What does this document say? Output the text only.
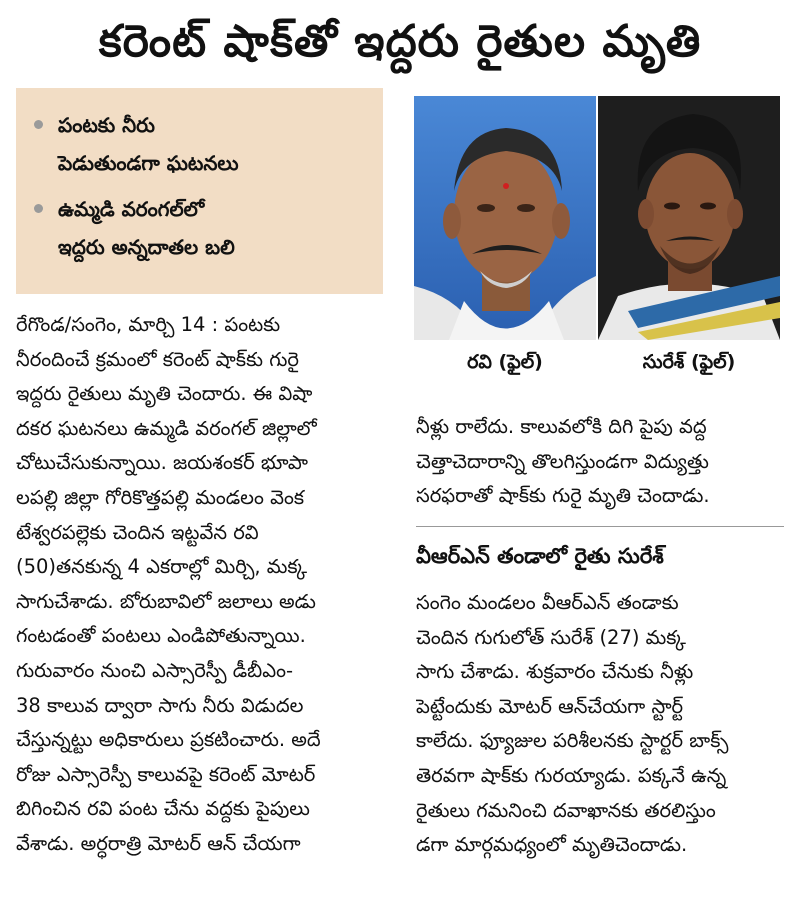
కరెంట్‌ షాక్‌తో ఇద్దరు రైతుల మృతి
పంటకు నీరు
పెడుతుండగా ఘటనలు
ఉమ్మడి వరంగల్‌లో
ఇద్దరు అన్నదాతల బలి
రవి (ఫైల్‌)	సురేశ్‌ (ఫైల్‌)
రేగొండ/సంగెం, మార్చి 14 : పంటకు
నీరందించే క్రమంలో కరెంట్‌ షాక్‌కు గురై
ఇద్దరు రైతులు మృతి చెందారు. ఈ విషా
దకర ఘటనలు ఉమ్మడి వరంగల్‌ జిల్లాలో
చోటుచేసుకున్నాయి. జయశంకర్‌ భూపా
లపల్లి జిల్లా గోరికొత్తపల్లి మండలం వెంక
టేశ్వరపల్లెకు చెందిన ఇట్టవేన రవి
(50)తనకున్న 4 ఎకరాల్లో మిర్చి, మక్క
సాగుచేశాడు. బోరుబావిలో జలాలు అడు
గంటడంతో పంటలు ఎండిపోతున్నాయి.
గురువారం నుంచి ఎస్సారెస్పీ డీబీఎం-
38 కాలువ ద్వారా సాగు నీరు విడుదల
చేస్తున్నట్టు అధికారులు ప్రకటించారు. అదే
రోజు ఎస్సారెస్పీ కాలువపై కరెంట్‌ మోటర్‌
బిగించిన రవి పంట చేను వద్దకు పైపులు
వేశాడు. అర్ధరాత్రి మోటర్‌ ఆన్‌ చేయగా
నీళ్లు రాలేదు. కాలువలోకి దిగి పైపు వద్ద
చెత్తాచెదారాన్ని తొలగిస్తుండగా విద్యుత్తు
సరఫరాతో షాక్‌కు గురై మృతి చెందాడు.
వీఆర్‌ఎన్‌ తండాలో రైతు సురేశ్‌
సంగెం మండలం వీఆర్‌ఎన్‌ తండాకు
చెందిన గుగులోత్‌ సురేశ్‌ (27) మక్క
సాగు చేశాడు. శుక్రవారం చేనుకు నీళ్లు
పెట్టేందుకు మోటర్‌ ఆన్‌చేయగా స్టార్ట్‌
కాలేదు. ఫ్యూజుల పరిశీలనకు స్టార్టర్‌ బాక్స్‌
తెరవగా షాక్‌కు గురయ్యాడు. పక్కనే ఉన్న
రైతులు గమనించి దవాఖానకు తరలిస్తుం
డగా మార్గమధ్యంలో మృతిచెందాడు.
